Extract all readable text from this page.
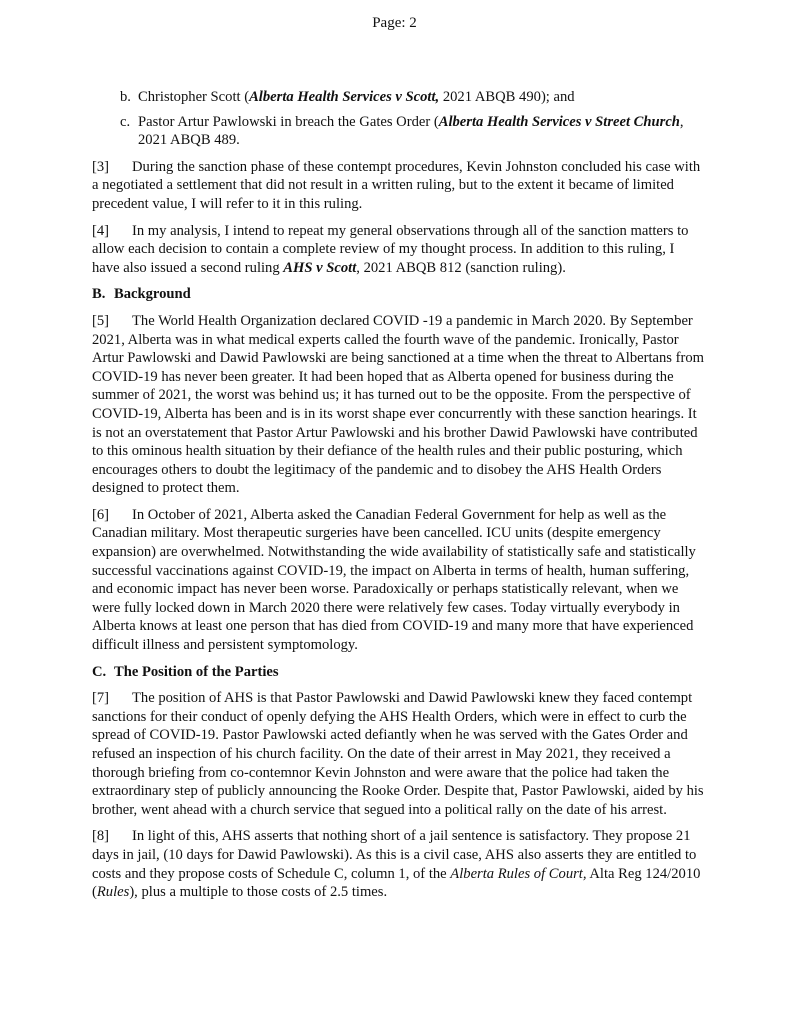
Page: 2
b. Christopher Scott (Alberta Health Services v Scott, 2021 ABQB 490); and
c. Pastor Artur Pawlowski in breach the Gates Order (Alberta Health Services v Street Church, 2021 ABQB 489.

[3] During the sanction phase of these contempt procedures, Kevin Johnston concluded his case with a negotiated a settlement that did not result in a written ruling, but to the extent it became of limited precedent value, I will refer to it in this ruling.

[4] In my analysis, I intend to repeat my general observations through all of the sanction matters to allow each decision to contain a complete review of my thought process. In addition to this ruling, I have also issued a second ruling AHS v Scott, 2021 ABQB 812 (sanction ruling).

B. Background

[5] The World Health Organization declared COVID -19 a pandemic in March 2020. By September 2021, Alberta was in what medical experts called the fourth wave of the pandemic. Ironically, Pastor Artur Pawlowski and Dawid Pawlowski are being sanctioned at a time when the threat to Albertans from COVID-19 has never been greater. It had been hoped that as Alberta opened for business during the summer of 2021, the worst was behind us; it has turned out to be the opposite. From the perspective of COVID-19, Alberta has been and is in its worst shape ever concurrently with these sanction hearings. It is not an overstatement that Pastor Artur Pawlowski and his brother Dawid Pawlowski have contributed to this ominous health situation by their defiance of the health rules and their public posturing, which encourages others to doubt the legitimacy of the pandemic and to disobey the AHS Health Orders designed to protect them.

[6] In October of 2021, Alberta asked the Canadian Federal Government for help as well as the Canadian military. Most therapeutic surgeries have been cancelled. ICU units (despite emergency expansion) are overwhelmed. Notwithstanding the wide availability of statistically safe and statistically successful vaccinations against COVID-19, the impact on Alberta in terms of health, human suffering, and economic impact has never been worse. Paradoxically or perhaps statistically relevant, when we were fully locked down in March 2020 there were relatively few cases. Today virtually everybody in Alberta knows at least one person that has died from COVID-19 and many more that have experienced difficult illness and persistent symptomology.

C. The Position of the Parties

[7] The position of AHS is that Pastor Pawlowski and Dawid Pawlowski knew they faced contempt sanctions for their conduct of openly defying the AHS Health Orders, which were in effect to curb the spread of COVID-19. Pastor Pawlowski acted defiantly when he was served with the Gates Order and refused an inspection of his church facility. On the date of their arrest in May 2021, they received a thorough briefing from co-contemnor Kevin Johnston and were aware that the police had taken the extraordinary step of publicly announcing the Rooke Order. Despite that, Pastor Pawlowski, aided by his brother, went ahead with a church service that segued into a political rally on the date of his arrest.

[8] In light of this, AHS asserts that nothing short of a jail sentence is satisfactory. They propose 21 days in jail, (10 days for Dawid Pawlowski). As this is a civil case, AHS also asserts they are entitled to costs and they propose costs of Schedule C, column 1, of the Alberta Rules of Court, Alta Reg 124/2010 (Rules), plus a multiple to those costs of 2.5 times.
